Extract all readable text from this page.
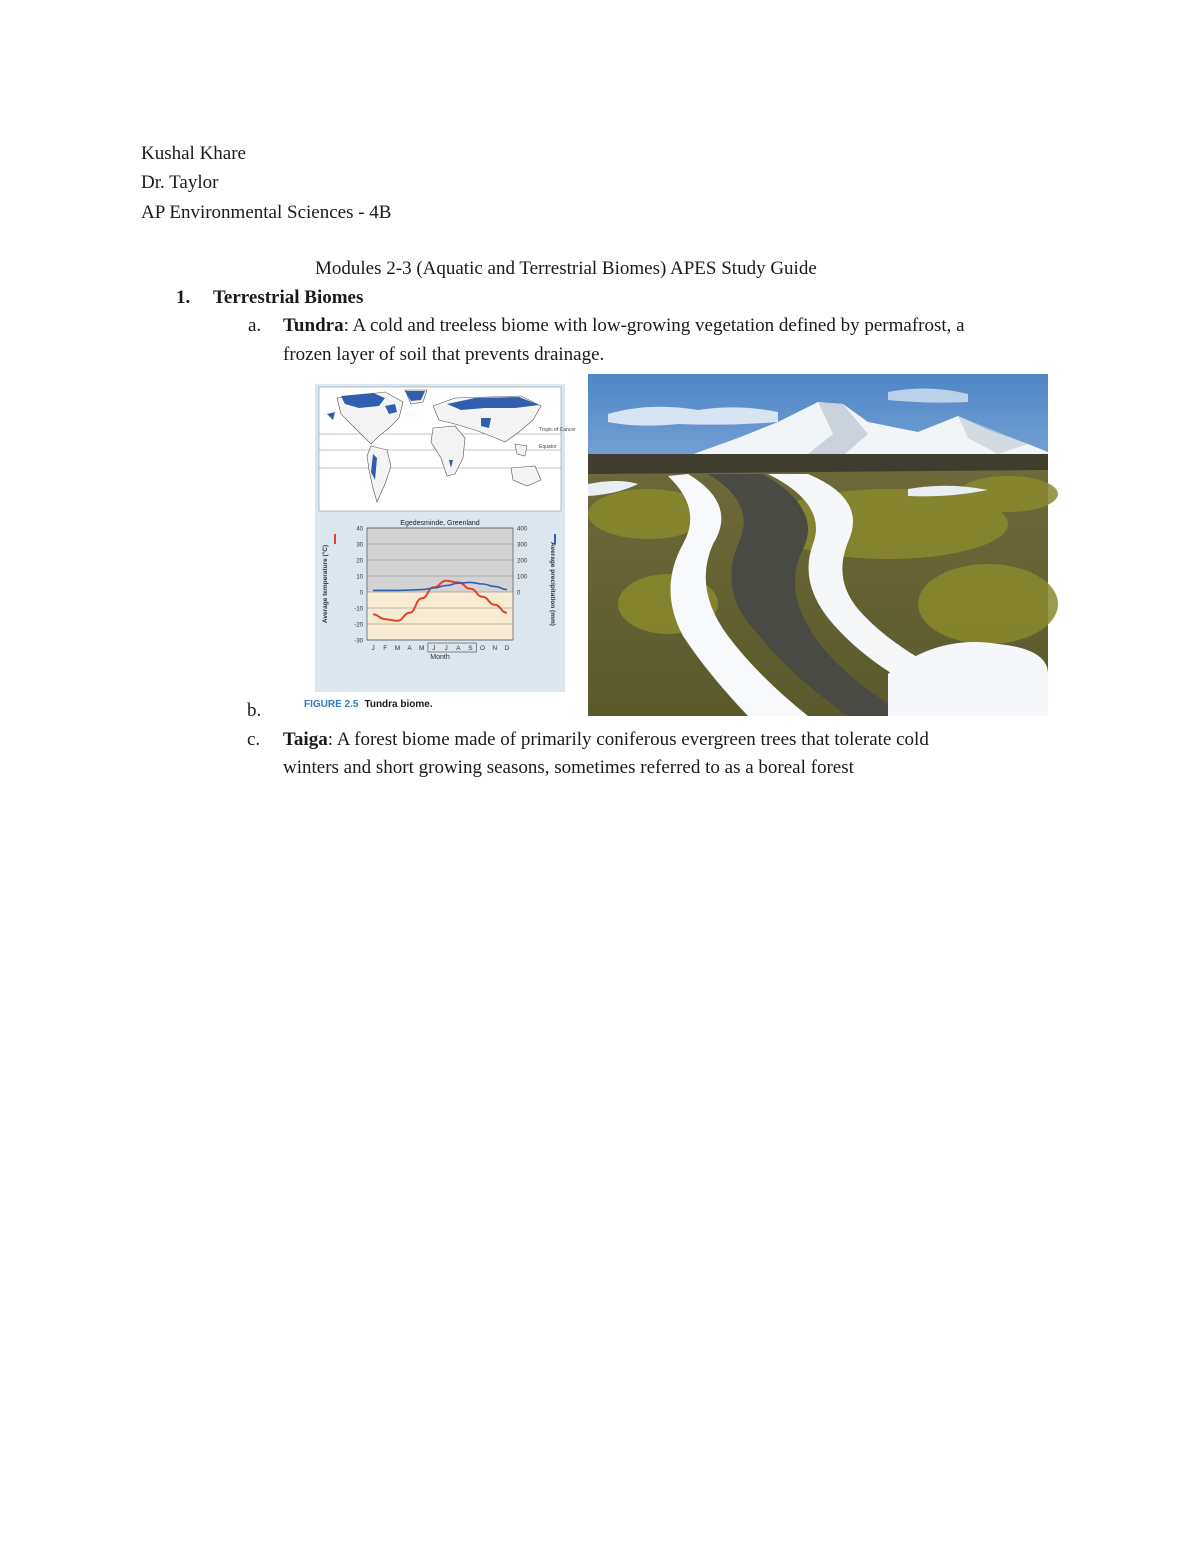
Kushal Khare
Dr. Taylor
AP Environmental Sciences - 4B
Modules 2-3 (Aquatic and Terrestrial Biomes) APES Study Guide
1. Terrestrial Biomes
a. Tundra: A cold and treeless biome with low-growing vegetation defined by permafrost, a
frozen layer of soil that prevents drainage.
b.
Tropic of Cancer
Equator
Egedesminde, Greenland
40
30
20
10
0
-10
-20
-30
400
300
200
100
0
J F M A M J J A S O N D
Month
Average temperature (°C)	Average precipitation (mm)
FIGURE 2.5 Tundra biome.
c. Taiga: A forest biome made of primarily coniferous evergreen trees that tolerate cold
winters and short growing seasons, sometimes referred to as a boreal forest
